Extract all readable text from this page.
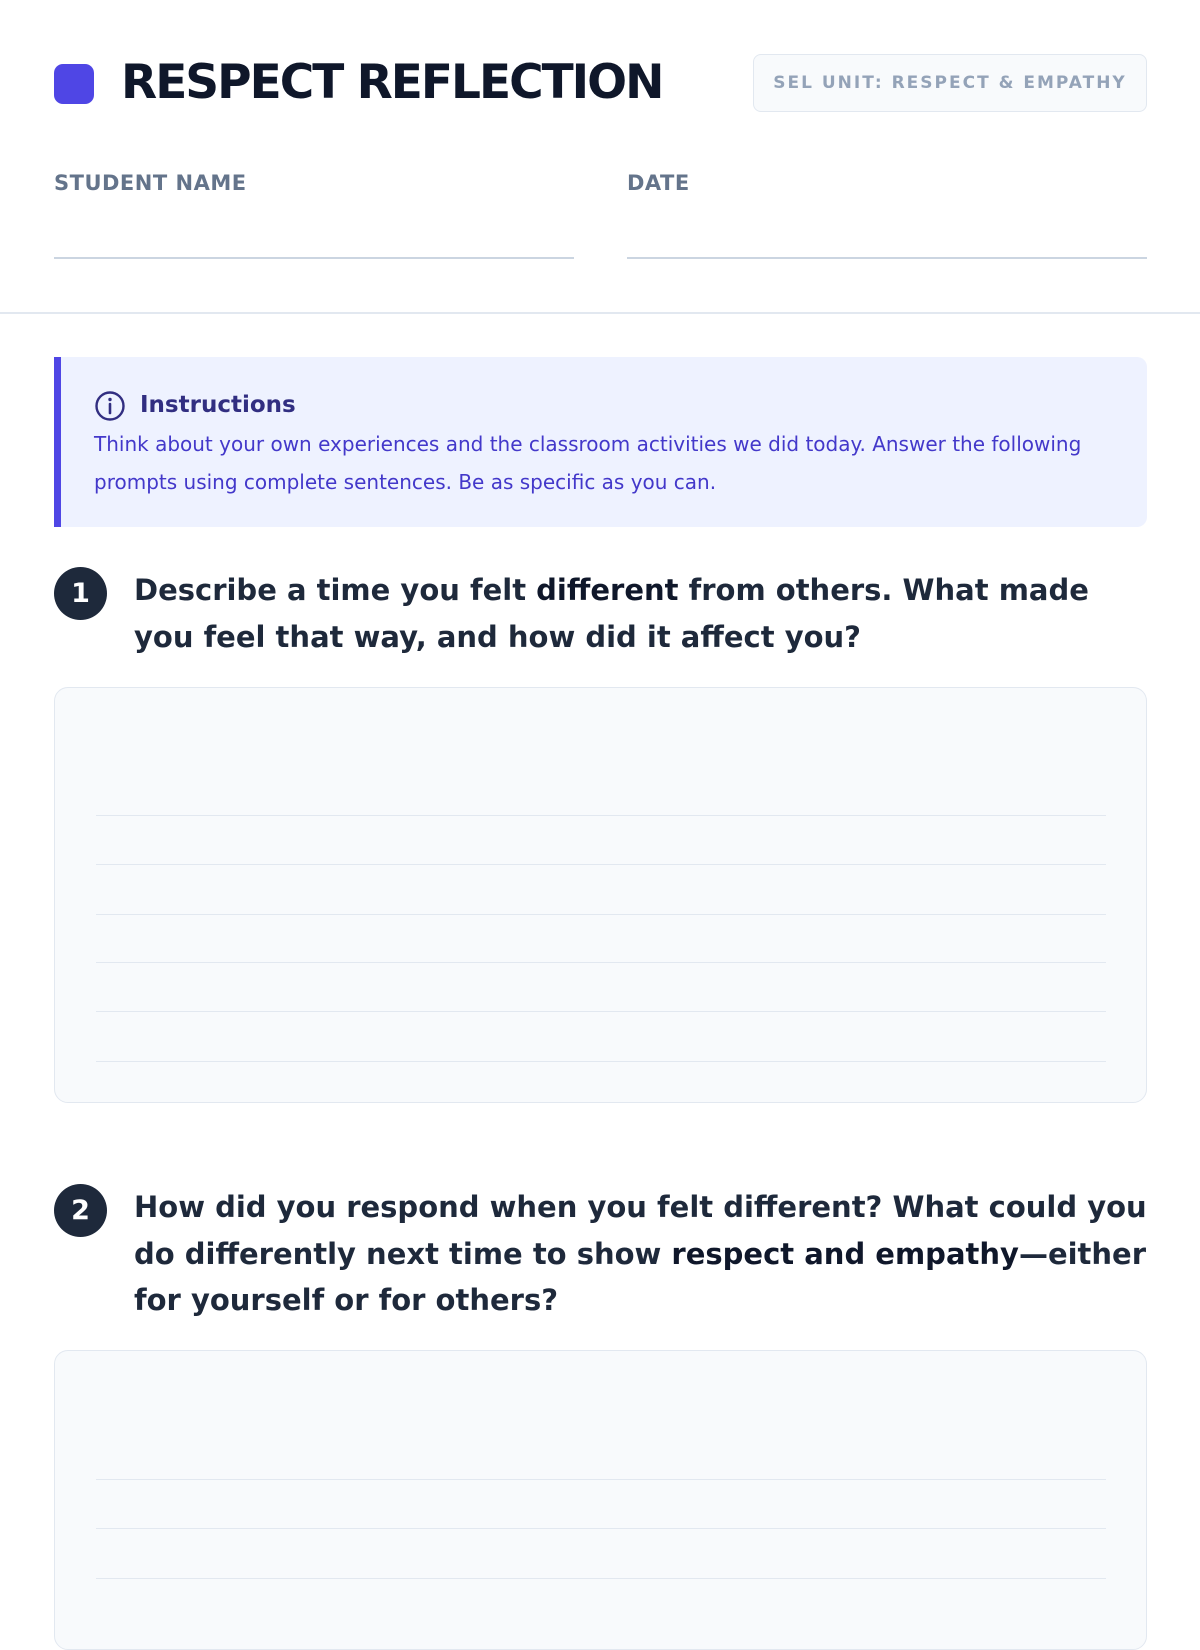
RESPECT REFLECTION	SEL UNIT: RESPECT & EMPATHY
STUDENT NAME	DATE
Instructions
Think about your own experiences and the classroom activities we did today. Answer the following prompts using complete sentences. Be as specific as you can.
1	Describe a time you felt different from others. What made you feel that way, and how did it affect you?
2	How did you respond when you felt different? What could you do differently next time to show respect and empathy—either for yourself or for others?
